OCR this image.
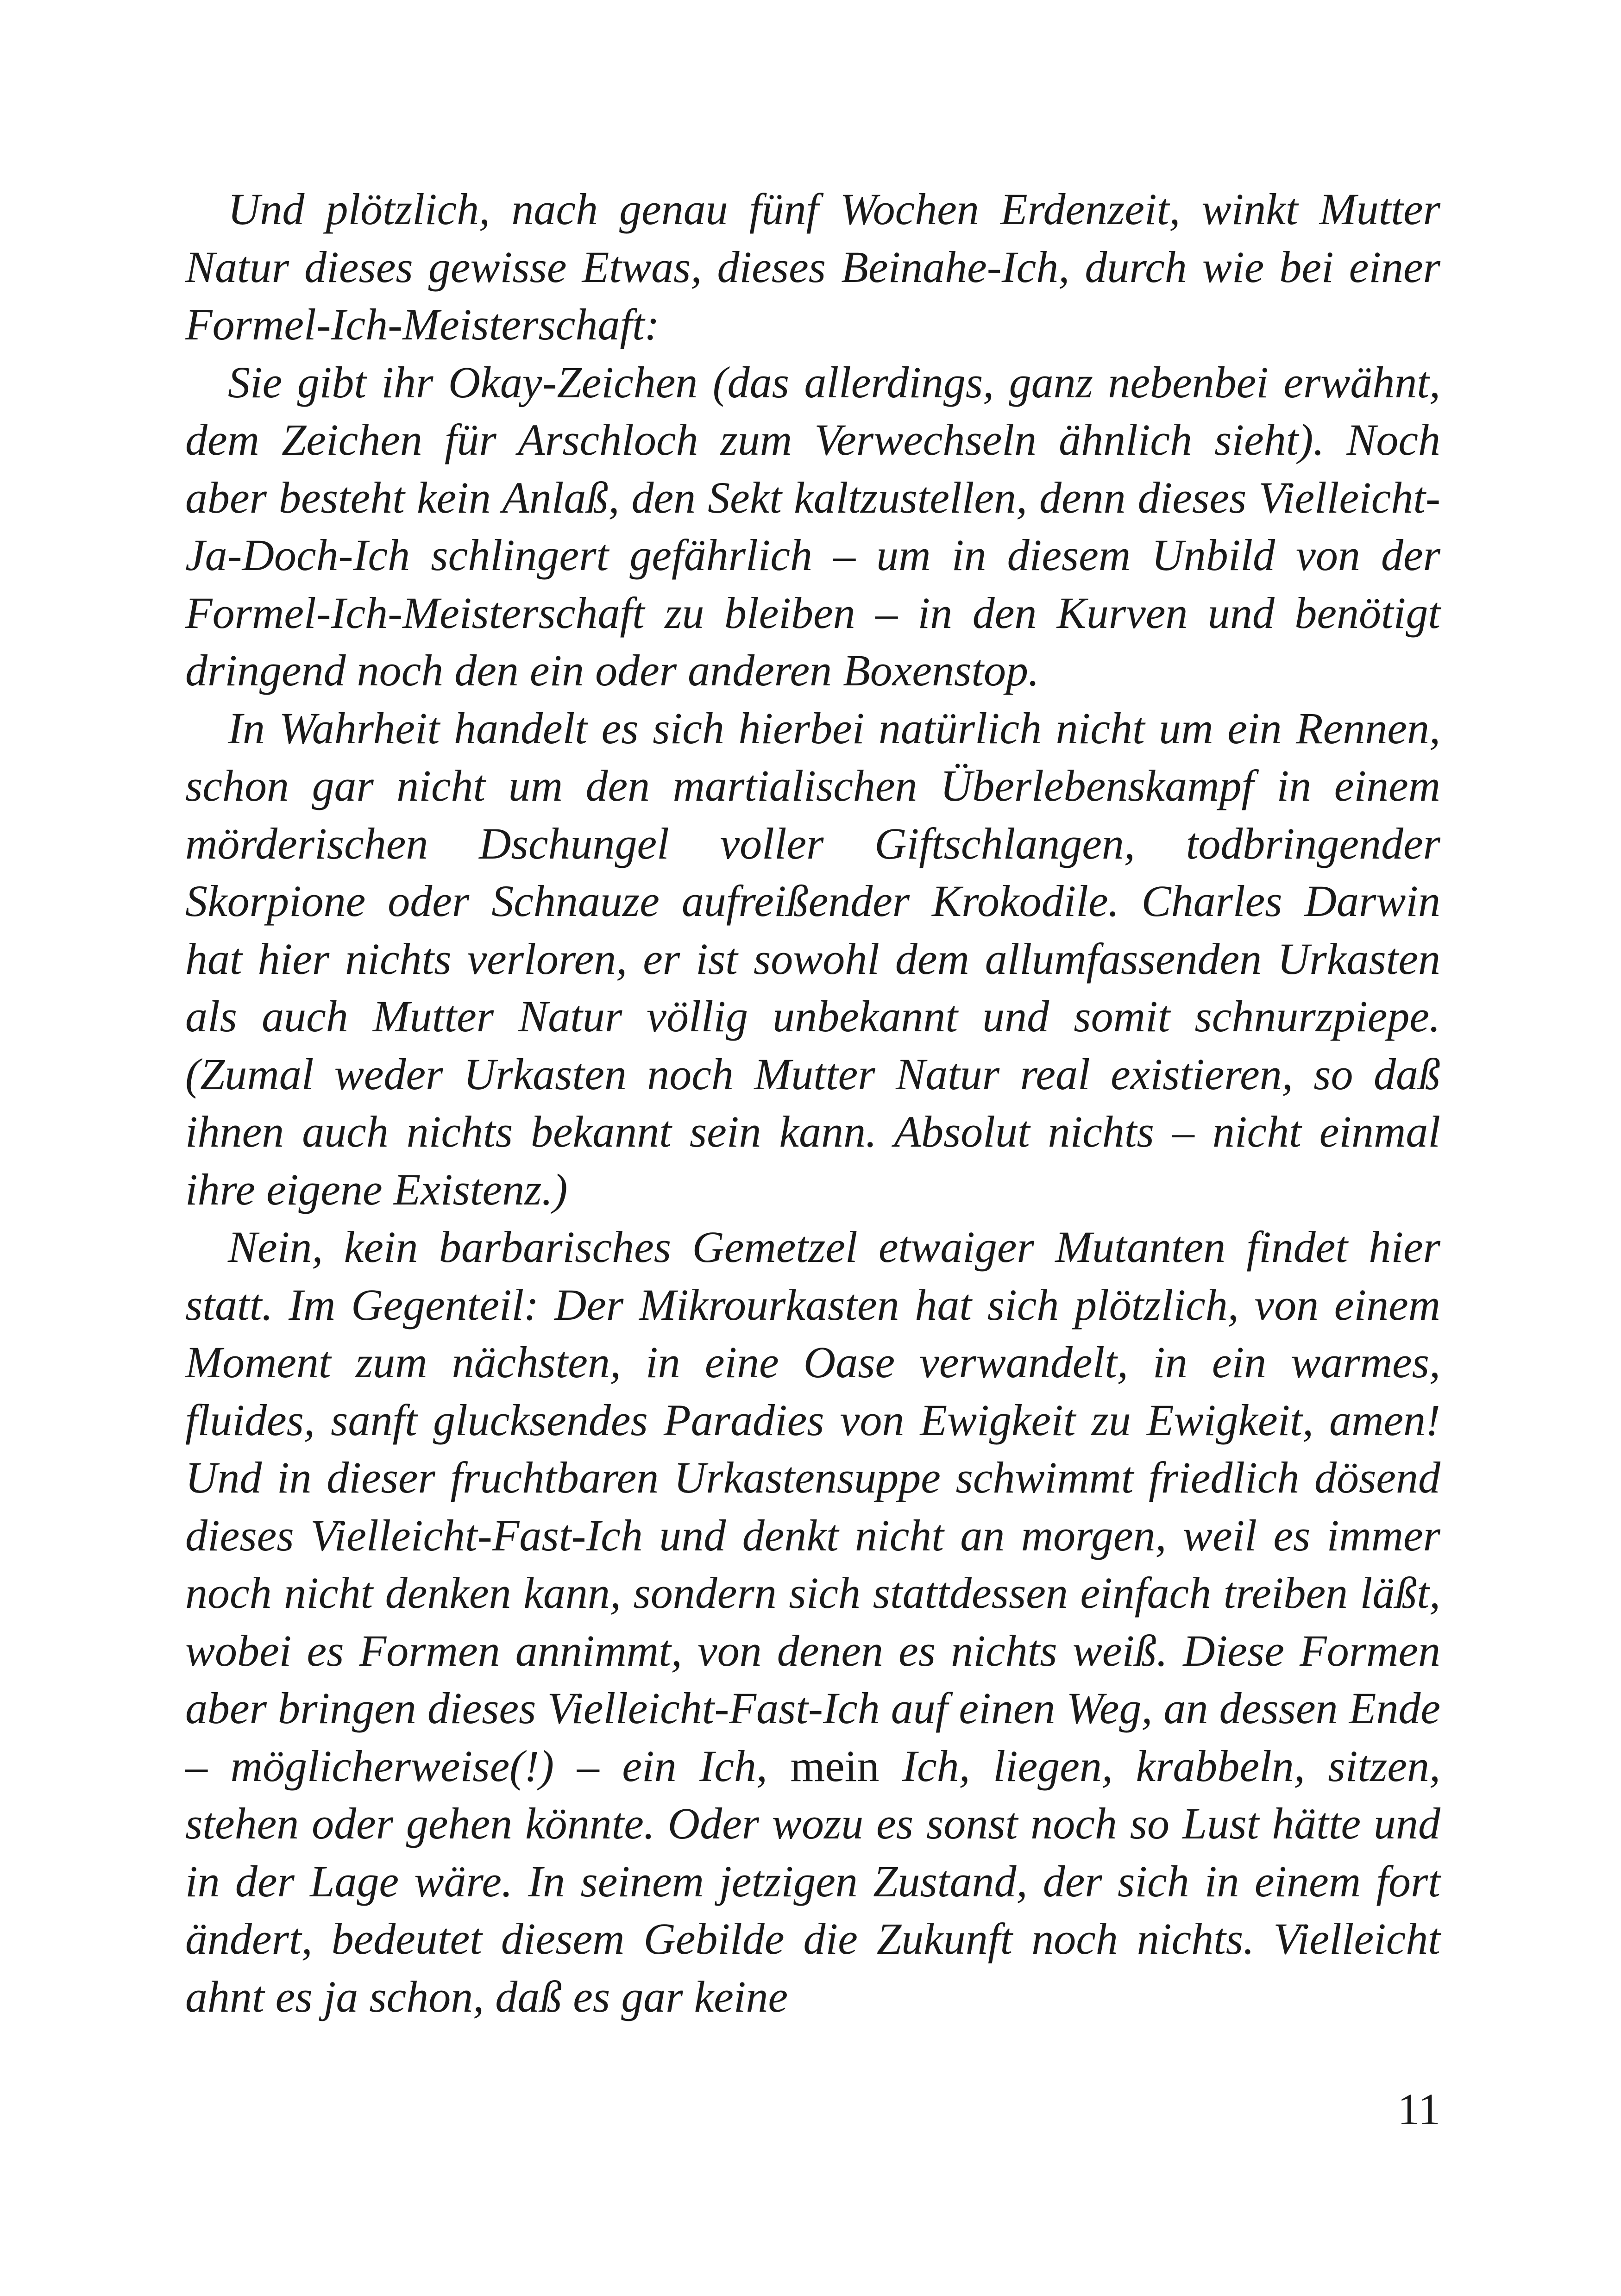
Und plötzlich, nach genau fünf Wochen Erdenzeit, winkt Mutter Natur dieses gewisse Etwas, dieses Beinahe-Ich, durch wie bei einer Formel-Ich-Meisterschaft:

Sie gibt ihr Okay-Zeichen (das allerdings, ganz nebenbei erwähnt, dem Zeichen für Arschloch zum Verwechseln ähnlich sieht). Noch aber besteht kein Anlaß, den Sekt kaltzustellen, denn dieses Vielleicht-Ja-Doch-Ich schlingert gefährlich – um in diesem Unbild von der Formel-Ich-Meisterschaft zu bleiben – in den Kurven und benötigt dringend noch den ein oder anderen Boxenstop.

In Wahrheit handelt es sich hierbei natürlich nicht um ein Rennen, schon gar nicht um den martialischen Überlebenskampf in einem mörderischen Dschungel voller Giftschlangen, todbringender Skorpione oder Schnauze aufreißender Krokodile. Charles Darwin hat hier nichts verloren, er ist sowohl dem allumfassenden Urkasten als auch Mutter Natur völlig unbekannt und somit schnurzpiepe. (Zumal weder Urkasten noch Mutter Natur real existieren, so daß ihnen auch nichts bekannt sein kann. Absolut nichts – nicht einmal ihre eigene Existenz.)

Nein, kein barbarisches Gemetzel etwaiger Mutanten findet hier statt. Im Gegenteil: Der Mikrourkasten hat sich plötzlich, von einem Moment zum nächsten, in eine Oase verwandelt, in ein warmes, fluides, sanft glucksendes Paradies von Ewigkeit zu Ewigkeit, amen! Und in dieser fruchtbaren Urkastensuppe schwimmt friedlich dösend dieses Vielleicht-Fast-Ich und denkt nicht an morgen, weil es immer noch nicht denken kann, sondern sich stattdessen einfach treiben läßt, wobei es Formen annimmt, von denen es nichts weiß. Diese Formen aber bringen dieses Vielleicht-Fast-Ich auf einen Weg, an dessen Ende – möglicherweise(!) – ein Ich, mein Ich, liegen, krabbeln, sitzen, stehen oder gehen könnte. Oder wozu es sonst noch so Lust hätte und in der Lage wäre. In seinem jetzigen Zustand, der sich in einem fort ändert, bedeutet diesem Gebilde die Zukunft noch nichts. Vielleicht ahnt es ja schon, daß es gar keine

11
